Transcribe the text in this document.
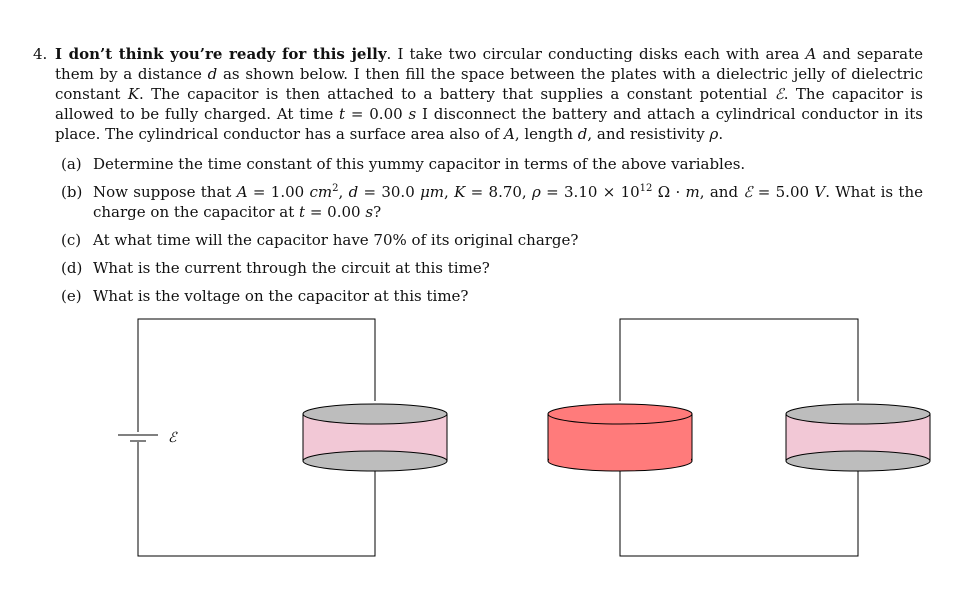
4. I don’t think you’re ready for this jelly. I take two circular conducting disks each with area A and separate them by a distance d as shown below. I then fill the space between the plates with a dielectric jelly of dielectric constant K. The capacitor is then attached to a battery that supplies a constant potential ℰ. The capacitor is allowed to be fully charged. At time t = 0.00 s I disconnect the battery and attach a cylindrical conductor in its place. The cylindrical conductor has a surface area also of A, length d, and resistivity ρ.
(a) Determine the time constant of this yummy capacitor in terms of the above variables.
(b) Now suppose that A = 1.00 $cm^2$, d = 30.0 μm, K = 8.70, $\rho = 3.10 \times 10^{12}$ Ω · m, and ℰ = 5.00 V. What is the charge on the capacitor at t = 0.00 s?
(c) At what time will the capacitor have 70% of its original charge?
(d) What is the current through the circuit at this time?
(e) What is the voltage on the capacitor at this time?
ℰ
